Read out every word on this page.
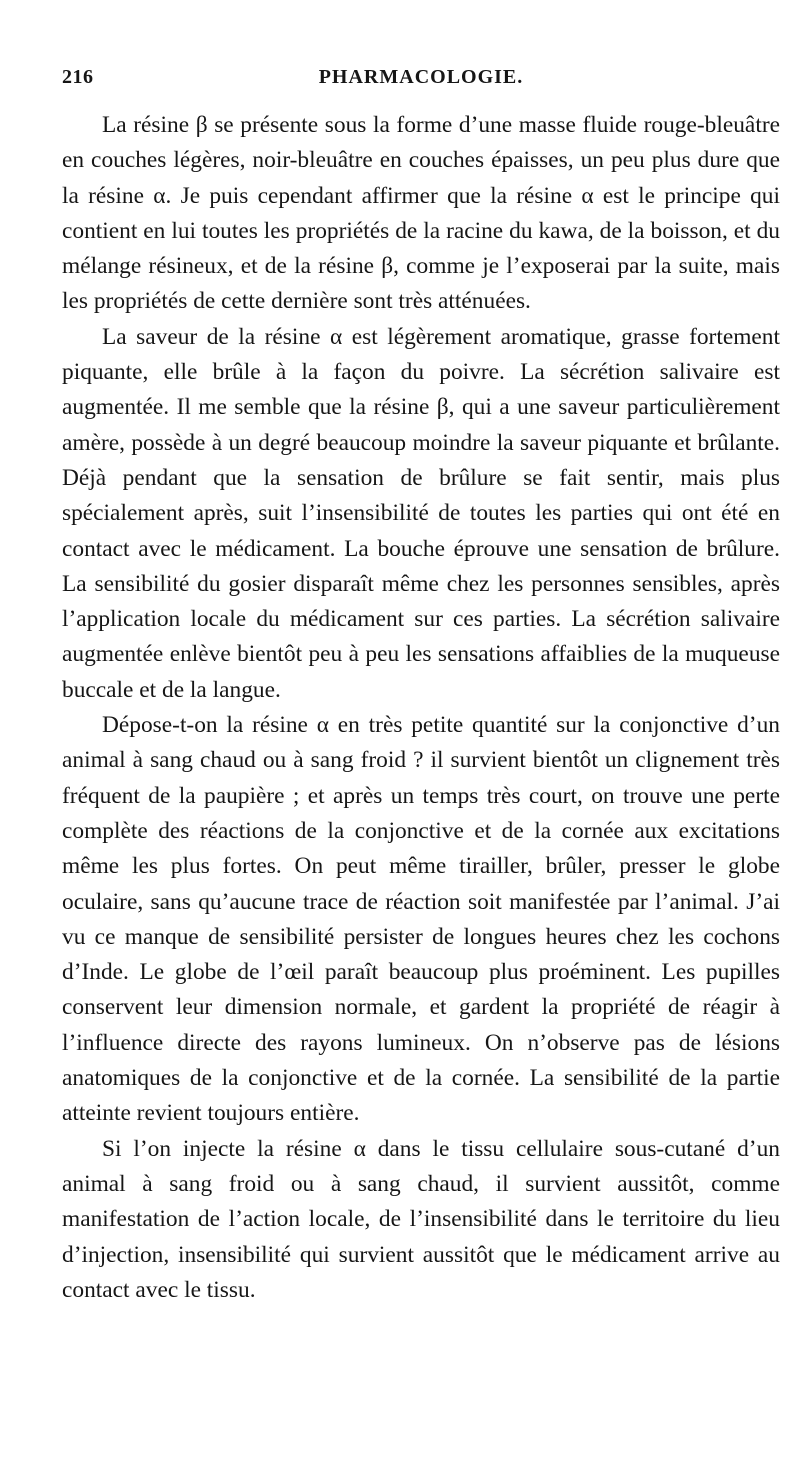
216	PHARMACOLOGIE.

La résine β se présente sous la forme d’une masse fluide rouge-bleuâtre en couches légères, noir-bleuâtre en couches épaisses, un peu plus dure que la résine α. Je puis cependant affirmer que la résine α est le principe qui contient en lui toutes les propriétés de la racine du kawa, de la boisson, et du mélange résineux, et de la résine β, comme je l’exposerai par la suite, mais les propriétés de cette dernière sont très atténuées.

La saveur de la résine α est légèrement aromatique, grasse fortement piquante, elle brûle à la façon du poivre. La sécrétion salivaire est augmentée. Il me semble que la résine β, qui a une saveur particulièrement amère, possède à un degré beaucoup moindre la saveur piquante et brûlante. Déjà pendant que la sensation de brûlure se fait sentir, mais plus spécialement après, suit l’insensibilité de toutes les parties qui ont été en contact avec le médicament. La bouche éprouve une sensation de brûlure. La sensibilité du gosier disparaît même chez les personnes sensibles, après l’application locale du médicament sur ces parties. La sécrétion salivaire augmentée enlève bientôt peu à peu les sensations affaiblies de la muqueuse buccale et de la langue.

Dépose-t-on la résine α en très petite quantité sur la conjonctive d’un animal à sang chaud ou à sang froid ? il survient bientôt un clignement très fréquent de la paupière ; et après un temps très court, on trouve une perte complète des réactions de la conjonctive et de la cornée aux excitations même les plus fortes. On peut même tirailler, brûler, presser le globe oculaire, sans qu’aucune trace de réaction soit manifestée par l’animal. J’ai vu ce manque de sensibilité persister de longues heures chez les cochons d’Inde. Le globe de l’œil paraît beaucoup plus proéminent. Les pupilles conservent leur dimension normale, et gardent la propriété de réagir à l’influence directe des rayons lumineux. On n’observe pas de lésions anatomiques de la conjonctive et de la cornée. La sensibilité de la partie atteinte revient toujours entière.

Si l’on injecte la résine α dans le tissu cellulaire sous-cutané d’un animal à sang froid ou à sang chaud, il survient aussitôt, comme manifestation de l’action locale, de l’insensibilité dans le territoire du lieu d’injection, insensibilité qui survient aussitôt que le médicament arrive au contact avec le tissu.
